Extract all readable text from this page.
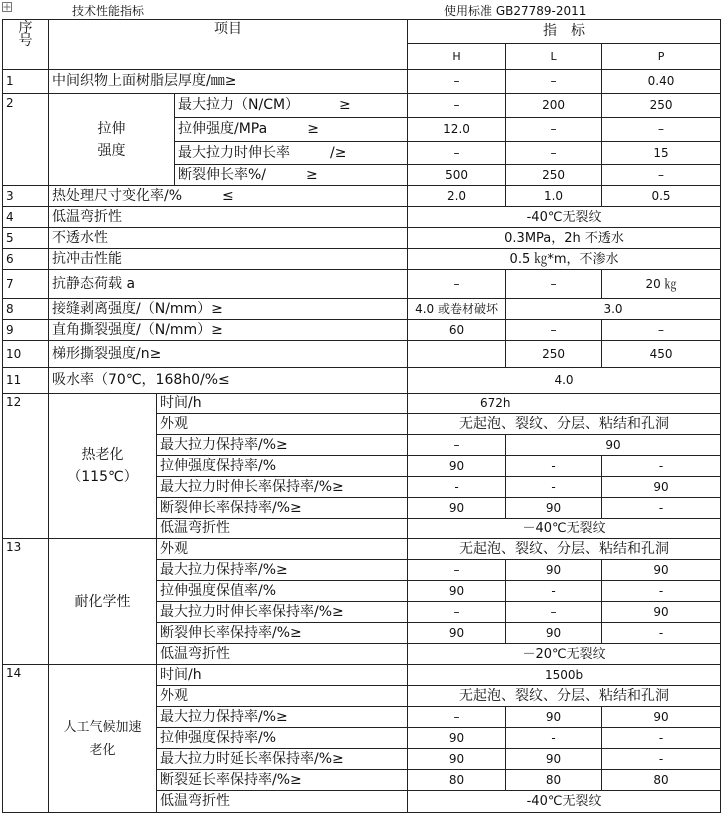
技术性能指标	使用标准 GB27789-2011
序
号	项目			指　标		
				H	L	P
1	中间织物上面树脂层厚度/㎜≥			–	–	0.40
2	拉伸
强度		最大拉力（N/CM） ≥	–	200	250
			拉伸强度/MPa ≥	12.0	–	–
			最大拉力时伸长率 /≥	–	–	15
			断裂伸长率%/ ≥	500	250	–
3	热处理尺寸变化率/% ≤			2.0	1.0	0.5
4	低温弯折性			-40℃无裂纹		
5	不透水性			0.3MPa，2h 不透水		
6	抗冲击性能			0.5 ㎏*m，不渗水		
7	抗静态荷载 a			–	–	20 ㎏
8	接缝剥离强度/（N/mm）≥			4.0 或卷材破坏	3.0	
9	直角撕裂强度/（N/mm）≥			60	–	–
10	梯形撕裂强度/n≥				250	450
11	吸水率（70℃，168h0/%≤			4.0		
12	热老化
（115℃）	时间/h		672h		
		外观		无起泡、裂纹、分层、粘结和孔洞		
		最大拉力保持率/%≥		–	90	
		拉伸强度保持率/%		90	-	-
		最大拉力时伸长率保持率/%≥		-	-	90
		断裂伸长率保持率/%≥		90	90	-
		低温弯折性		－40℃无裂纹		
13	耐化学性	外观		无起泡、裂纹、分层、粘结和孔洞		
		最大拉力保持率/%≥		–	90	90
		拉伸强度保值率/%		90	-	-
		最大拉力时伸长率保持率/%≥		–	–	90
		断裂伸长率保持率/%≥		90	90	-
		低温弯折性		－20℃无裂纹		
14	人工气候加速
老化	时间/h		1500b		
		外观		无起泡、裂纹、分层、粘结和孔洞		
		最大拉力保持率/%≥		–	90	90
		拉伸强度保持率/%		90	-	-
		最大拉力时延长率保持率/%≥		90	90	-
		断裂延长率保持率/%≥		80	80	80
		低温弯折性		-40℃无裂纹		
